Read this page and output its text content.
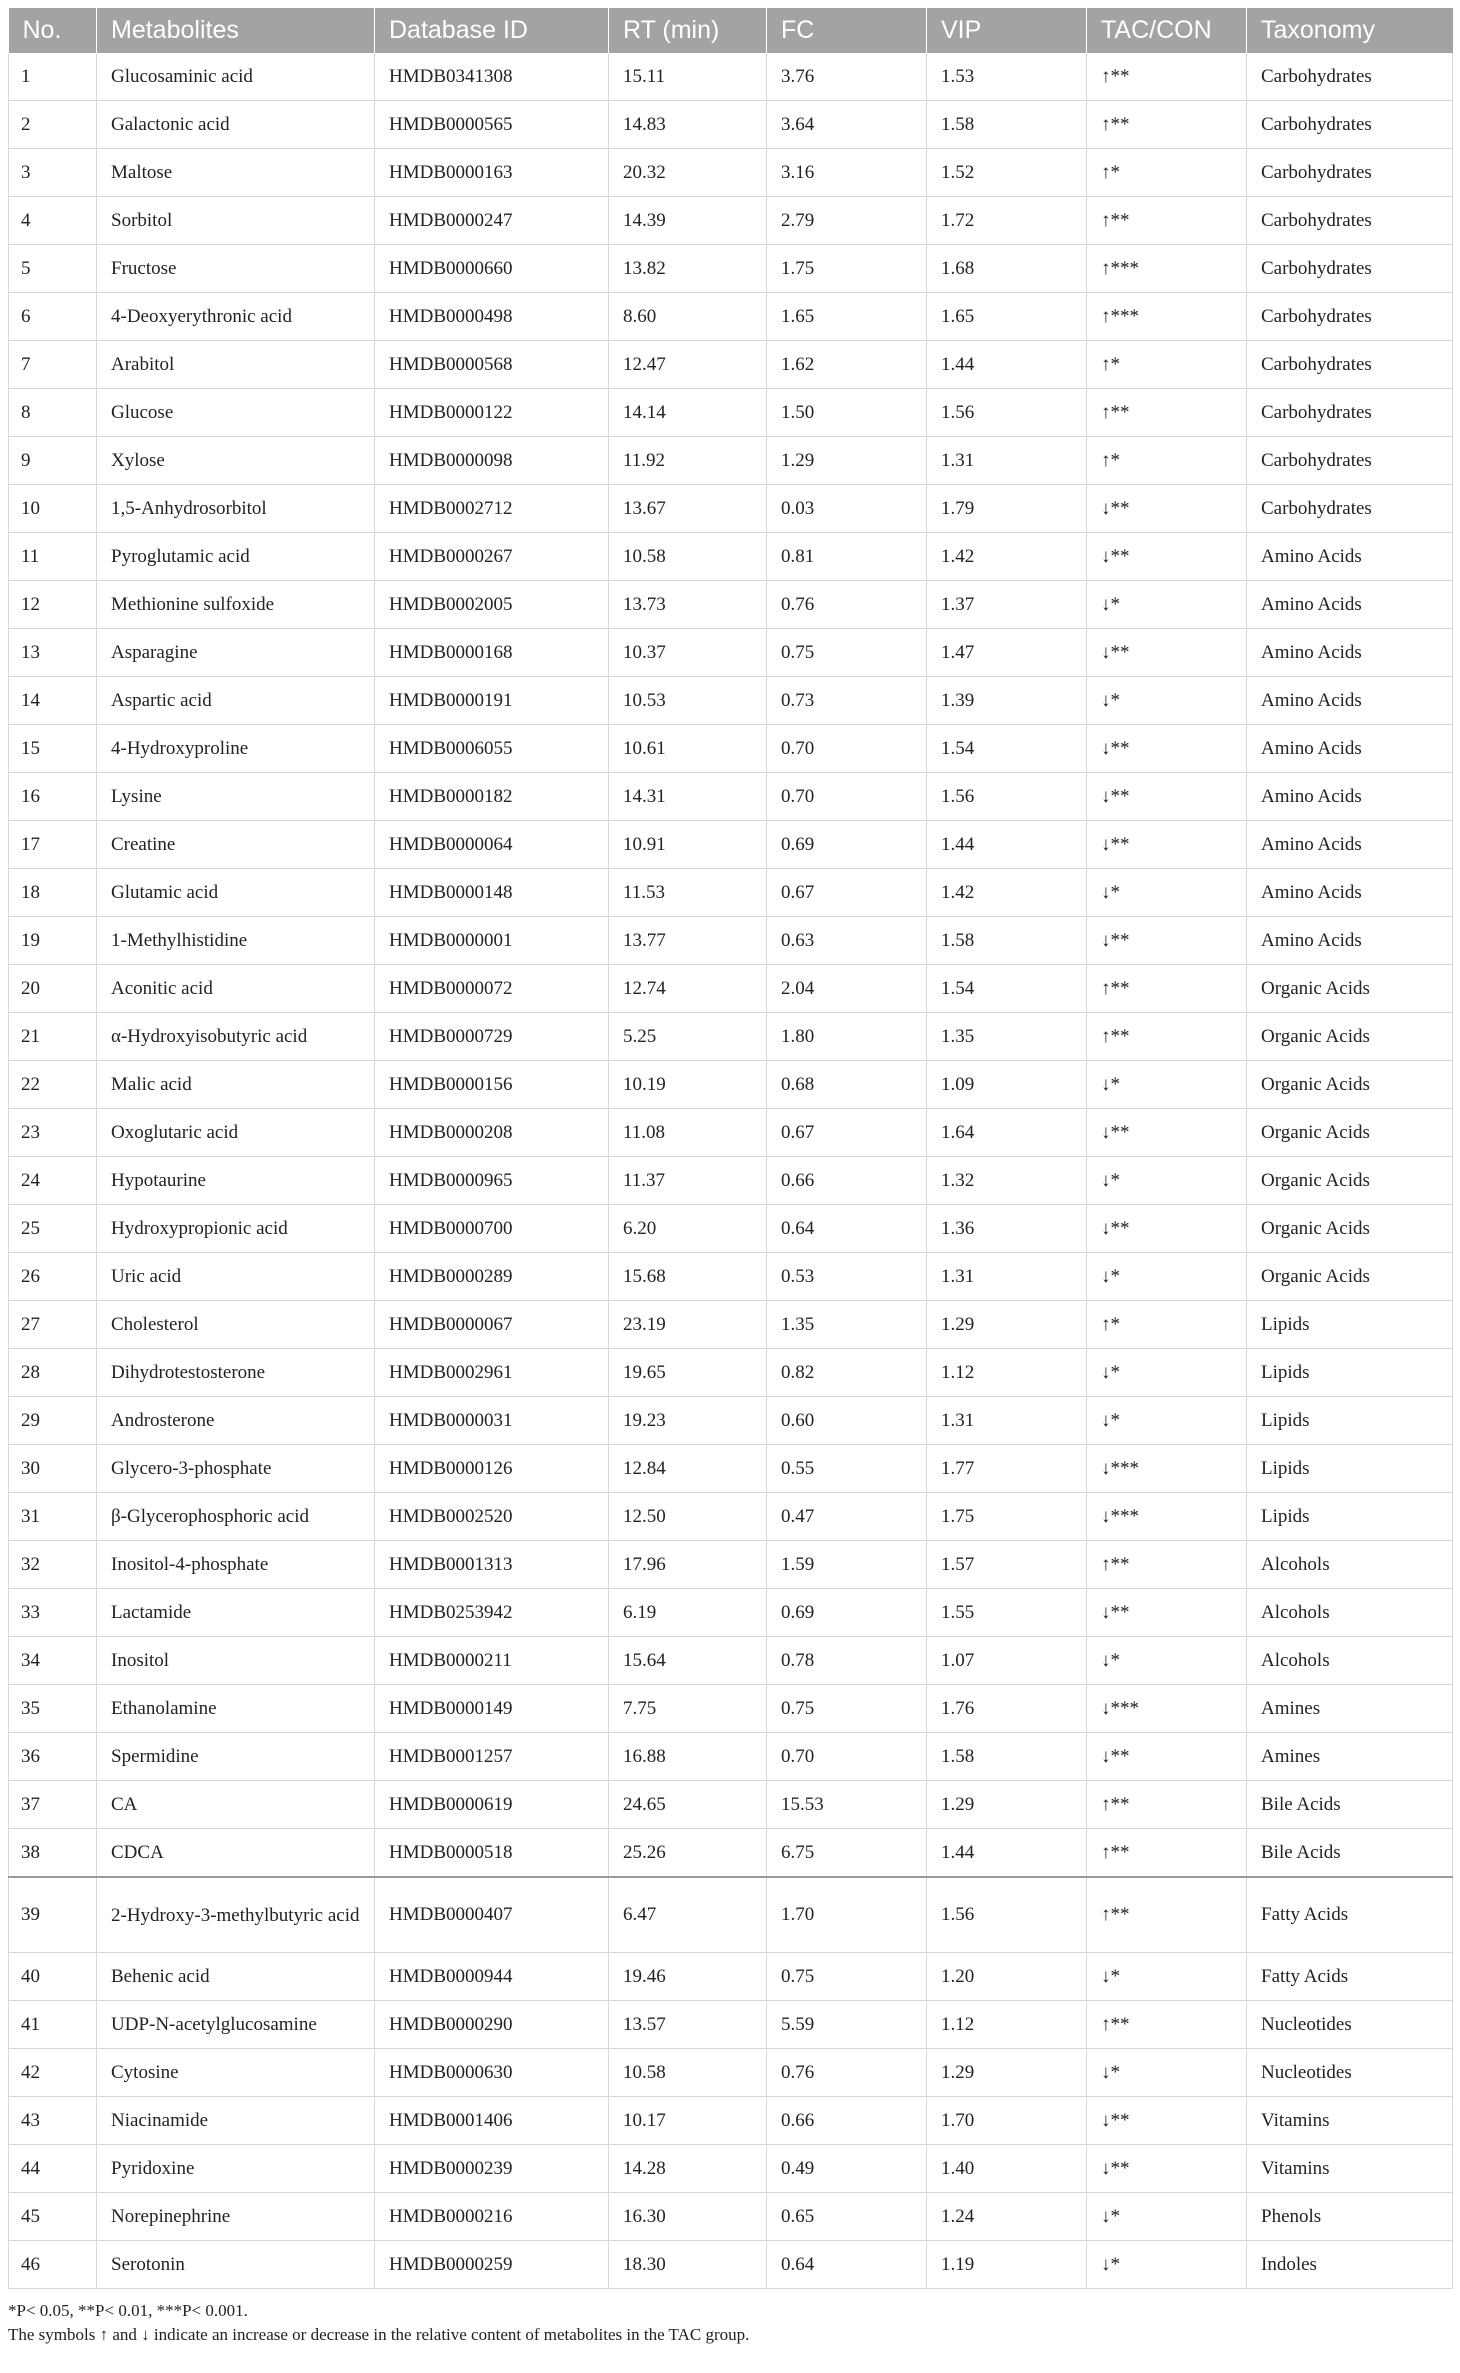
No.	Metabolites	Database ID	RT (min)	FC	VIP	TAC/CON	Taxonomy
1	Glucosaminic acid	HMDB0341308	15.11	3.76	1.53	↑**	Carbohydrates
2	Galactonic acid	HMDB0000565	14.83	3.64	1.58	↑**	Carbohydrates
3	Maltose	HMDB0000163	20.32	3.16	1.52	↑*	Carbohydrates
4	Sorbitol	HMDB0000247	14.39	2.79	1.72	↑**	Carbohydrates
5	Fructose	HMDB0000660	13.82	1.75	1.68	↑***	Carbohydrates
6	4-Deoxyerythronic acid	HMDB0000498	8.60	1.65	1.65	↑***	Carbohydrates
7	Arabitol	HMDB0000568	12.47	1.62	1.44	↑*	Carbohydrates
8	Glucose	HMDB0000122	14.14	1.50	1.56	↑**	Carbohydrates
9	Xylose	HMDB0000098	11.92	1.29	1.31	↑*	Carbohydrates
10	1,5-Anhydrosorbitol	HMDB0002712	13.67	0.03	1.79	↓**	Carbohydrates
11	Pyroglutamic acid	HMDB0000267	10.58	0.81	1.42	↓**	Amino Acids
12	Methionine sulfoxide	HMDB0002005	13.73	0.76	1.37	↓*	Amino Acids
13	Asparagine	HMDB0000168	10.37	0.75	1.47	↓**	Amino Acids
14	Aspartic acid	HMDB0000191	10.53	0.73	1.39	↓*	Amino Acids
15	4-Hydroxyproline	HMDB0006055	10.61	0.70	1.54	↓**	Amino Acids
16	Lysine	HMDB0000182	14.31	0.70	1.56	↓**	Amino Acids
17	Creatine	HMDB0000064	10.91	0.69	1.44	↓**	Amino Acids
18	Glutamic acid	HMDB0000148	11.53	0.67	1.42	↓*	Amino Acids
19	1-Methylhistidine	HMDB0000001	13.77	0.63	1.58	↓**	Amino Acids
20	Aconitic acid	HMDB0000072	12.74	2.04	1.54	↑**	Organic Acids
21	α-Hydroxyisobutyric acid	HMDB0000729	5.25	1.80	1.35	↑**	Organic Acids
22	Malic acid	HMDB0000156	10.19	0.68	1.09	↓*	Organic Acids
23	Oxoglutaric acid	HMDB0000208	11.08	0.67	1.64	↓**	Organic Acids
24	Hypotaurine	HMDB0000965	11.37	0.66	1.32	↓*	Organic Acids
25	Hydroxypropionic acid	HMDB0000700	6.20	0.64	1.36	↓**	Organic Acids
26	Uric acid	HMDB0000289	15.68	0.53	1.31	↓*	Organic Acids
27	Cholesterol	HMDB0000067	23.19	1.35	1.29	↑*	Lipids
28	Dihydrotestosterone	HMDB0002961	19.65	0.82	1.12	↓*	Lipids
29	Androsterone	HMDB0000031	19.23	0.60	1.31	↓*	Lipids
30	Glycero-3-phosphate	HMDB0000126	12.84	0.55	1.77	↓***	Lipids
31	β-Glycerophosphoric acid	HMDB0002520	12.50	0.47	1.75	↓***	Lipids
32	Inositol-4-phosphate	HMDB0001313	17.96	1.59	1.57	↑**	Alcohols
33	Lactamide	HMDB0253942	6.19	0.69	1.55	↓**	Alcohols
34	Inositol	HMDB0000211	15.64	0.78	1.07	↓*	Alcohols
35	Ethanolamine	HMDB0000149	7.75	0.75	1.76	↓***	Amines
36	Spermidine	HMDB0001257	16.88	0.70	1.58	↓**	Amines
37	CA	HMDB0000619	24.65	15.53	1.29	↑**	Bile Acids
38	CDCA	HMDB0000518	25.26	6.75	1.44	↑**	Bile Acids
39	2-Hydroxy-3-methylbutyric acid	HMDB0000407	6.47	1.70	1.56	↑**	Fatty Acids
40	Behenic acid	HMDB0000944	19.46	0.75	1.20	↓*	Fatty Acids
41	UDP-N-acetylglucosamine	HMDB0000290	13.57	5.59	1.12	↑**	Nucleotides
42	Cytosine	HMDB0000630	10.58	0.76	1.29	↓*	Nucleotides
43	Niacinamide	HMDB0001406	10.17	0.66	1.70	↓**	Vitamins
44	Pyridoxine	HMDB0000239	14.28	0.49	1.40	↓**	Vitamins
45	Norepinephrine	HMDB0000216	16.30	0.65	1.24	↓*	Phenols
46	Serotonin	HMDB0000259	18.30	0.64	1.19	↓*	Indoles
*P< 0.05, **P< 0.01, ***P< 0.001.
The symbols ↑ and ↓ indicate an increase or decrease in the relative content of metabolites in the TAC group.
